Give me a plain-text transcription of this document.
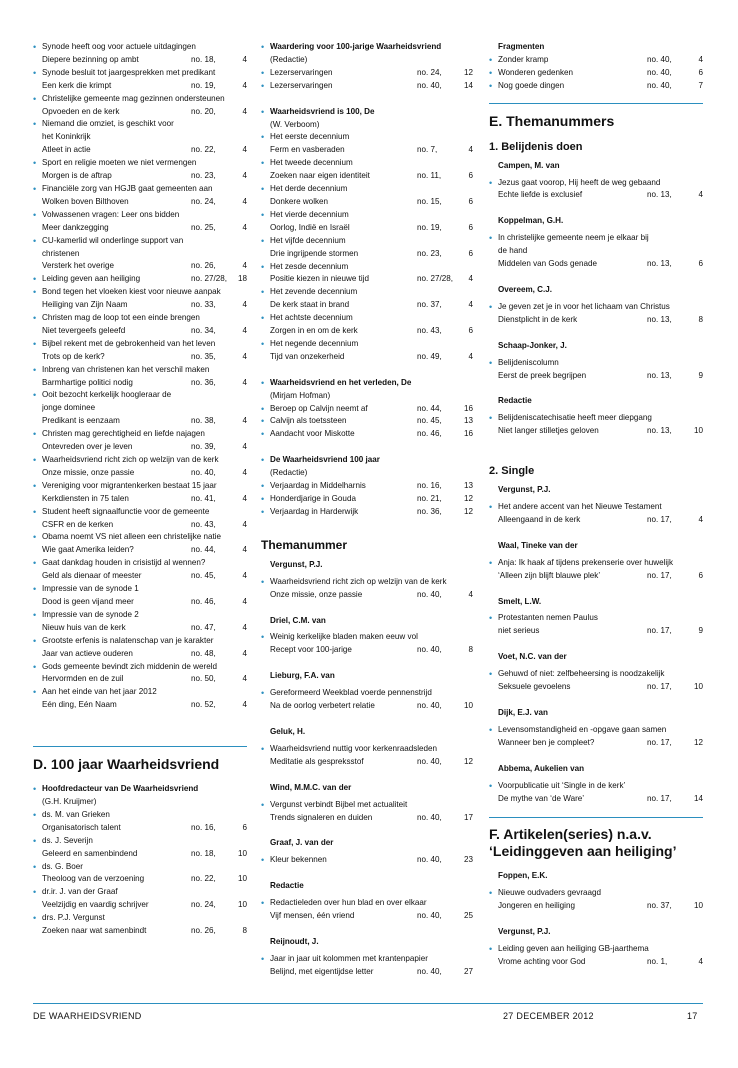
• Synode heeft oog voor actuele uitdagingen
Diepere bezinning op ambt	no. 18,	4
• Synode besluit tot jaargesprekken met predikant
Een kerk die krimpt	no. 19,	4
• Christelijke gemeente mag gezinnen ondersteunen
Opvoeden en de kerk	no. 20,	4
• Niemand die omziet, is geschikt voor
het Koninkrijk
Atleet in actie	no. 22,	4
• Sport en religie moeten we niet vermengen
Morgen is de aftrap	no. 23,	4
• Financiële zorg van HGJB gaat gemeenten aan
Wolken boven Bilthoven	no. 24,	4
• Volwassenen vragen: Leer ons bidden
Meer dankzegging	no. 25,	4
• CU-kamerlid wil onderlinge support van
christenen
Versterk het overige	no. 26,	4
• Leiding geven aan heiliging	no. 27/28,	18
• Bond tegen het vloeken kiest voor nieuwe aanpak
Heiliging van Zijn Naam	no. 33,	4
• Christen mag de loop tot een einde brengen
Niet tevergeefs geleefd	no. 34,	4
• Bijbel rekent met de gebrokenheid van het leven
Trots op de kerk?	no. 35,	4
• Inbreng van christenen kan het verschil maken
Barmhartige politici nodig	no. 36,	4
• Ooit bezocht kerkelijk hoogleraar de
jonge dominee
Predikant is eenzaam	no. 38,	4
• Christen mag gerechtigheid en liefde najagen
Ontevreden over je leven	no. 39,	4
• Waarheidsvriend richt zich op welzijn van de kerk
Onze missie, onze passie	no. 40,	4
• Vereniging voor migrantenkerken bestaat 15 jaar
Kerkdiensten in 75 talen	no. 41,	4
• Student heeft signaalfunctie voor de gemeente
CSFR en de kerken	no. 43,	4
• Obama noemt VS niet alleen een christelijke natie
Wie gaat Amerika leiden?	no. 44,	4
• Gaat dankdag houden in crisistijd al wennen?
Geld als dienaar of meester	no. 45,	4
• Impressie van de synode 1
Dood is geen vijand meer	no. 46,	4
• Impressie van de synode 2
Nieuw huis van de kerk	no. 47,	4
• Grootste erfenis is nalatenschap van je karakter
Jaar van actieve ouderen	no. 48,	4
• Gods gemeente bevindt zich middenin de wereld
Hervormden en de zuil	no. 50,	4
• Aan het einde van het jaar 2012
Eén ding, Eén Naam	no. 52,	4
D. 100 jaar Waarheidsvriend
• Hoofdredacteur van De Waarheidsvriend
(G.H. Kruijmer)
• ds. M. van Grieken
Organisatorisch talent	no. 16,	6
• ds. J. Severijn
Geleerd en samenbindend	no. 18,	10
• ds. G. Boer
Theoloog van de verzoening	no. 22,	10
• dr.ir. J. van der Graaf
Veelzijdig en vaardig schrijver	no. 24,	10
• drs. P.J. Vergunst
Zoeken naar wat samenbindt	no. 26,	8
• Waardering voor 100-jarige Waarheidsvriend
(Redactie)
• Lezerservaringen	no. 24,	12
• Lezerservaringen	no. 40,	14
• Waarheidsvriend is 100, De
(W. Verboom)
• Het eerste decennium
Ferm en vasberaden	no. 7,	4
• Het tweede decennium
Zoeken naar eigen identiteit	no. 11,	6
• Het derde decennium
Donkere wolken	no. 15,	6
• Het vierde decennium
Oorlog, Indië en Israël	no. 19,	6
• Het vijfde decennium
Drie ingrijpende stormen	no. 23,	6
• Het zesde decennium
Positie kiezen in nieuwe tijd	no. 27/28,	4
• Het zevende decennium
De kerk staat in brand	no. 37,	4
• Het achtste decennium
Zorgen in en om de kerk	no. 43,	6
• Het negende decennium
Tijd van onzekerheid	no. 49,	4
• Waarheidsvriend en het verleden, De
(Mirjam Hofman)
• Beroep op Calvijn neemt af	no. 44,	16
• Calvijn als toetssteen	no. 45,	13
• Aandacht voor Miskotte	no. 46,	16
• De Waarheidsvriend 100 jaar
(Redactie)
• Verjaardag in Middelharnis	no. 16,	13
• Honderdjarige in Gouda	no. 21,	12
• Verjaardag in Harderwijk	no. 36,	12
Themanummer
Vergunst, P.J.
• Waarheidsvriend richt zich op welzijn van de kerk
Onze missie, onze passie	no. 40,	4
Driel, C.M. van
• Weinig kerkelijke bladen maken eeuw vol
Recept voor 100-jarige	no. 40,	8
Lieburg, F.A. van
• Gereformeerd Weekblad voerde pennenstrijd
Na de oorlog verbetert relatie	no. 40,	10
Geluk, H.
• Waarheidsvriend nuttig voor kerkenraadsleden
Meditatie als gespreksstof	no. 40,	12
Wind, M.M.C. van der
• Vergunst verbindt Bijbel met actualiteit
Trends signaleren en duiden	no. 40,	17
Graaf, J. van der
• Kleur bekennen	no. 40,	23
Redactie
• Redactieleden over hun blad en over elkaar
Vijf mensen, één vriend	no. 40,	25
Reijnoudt, J.
• Jaar in jaar uit kolommen met krantenpapier
Belijnd, met eigentijdse letter	no. 40,	27
Fragmenten
• Zonder kramp	no. 40,	4
• Wonderen gedenken	no. 40,	6
• Nog goede dingen	no. 40,	7
E. Themanummers
1. Belijdenis doen
Campen, M. van
• Jezus gaat voorop, Hij heeft de weg gebaand
Echte liefde is exclusief	no. 13,	4
Koppelman, G.H.
• In christelijke gemeente neem je elkaar bij
de hand
Middelen van Gods genade	no. 13,	6
Overeem, C.J.
• Je geven zet je in voor het lichaam van Christus
Dienstplicht in de kerk	no. 13,	8
Schaap-Jonker, J.
• Belijdeniscolumn
Eerst de preek begrijpen	no. 13,	9
Redactie
• Belijdeniscatechisatie heeft meer diepgang
Niet langer stilletjes geloven	no. 13,	10
2. Single
Vergunst, P.J.
• Het andere accent van het Nieuwe Testament
Alleengaand in de kerk	no. 17,	4
Waal, Tineke van der
• Anja: Ik haak af tijdens prekenserie over huwelijk
‘Alleen zijn blijft blauwe plek’	no. 17,	6
Smelt, L.W.
• Protestanten nemen Paulus
niet serieus	no. 17,	9
Voet, N.C. van der
• Gehuwd of niet: zelfbeheersing is noodzakelijk
Seksuele gevoelens	no. 17,	10
Dijk, E.J. van
• Levensomstandigheid en -opgave gaan samen
Wanneer ben je compleet?	no. 17,	12
Abbema, Aukelien van
• Voorpublicatie uit ‘Single in de kerk’
De mythe van ‘de Ware’	no. 17,	14
F. Artikelen(series) n.a.v.
‘Leidinggeven aan heiliging’
Foppen, E.K.
• Nieuwe oudvaders gevraagd
Jongeren en heiliging	no. 37,	10
Vergunst, P.J.
• Leiding geven aan heiliging GB-jaarthema
Vrome achting voor God	no. 1,	4
DE WAARHEIDSVRIEND	27 DECEMBER 2012	17
